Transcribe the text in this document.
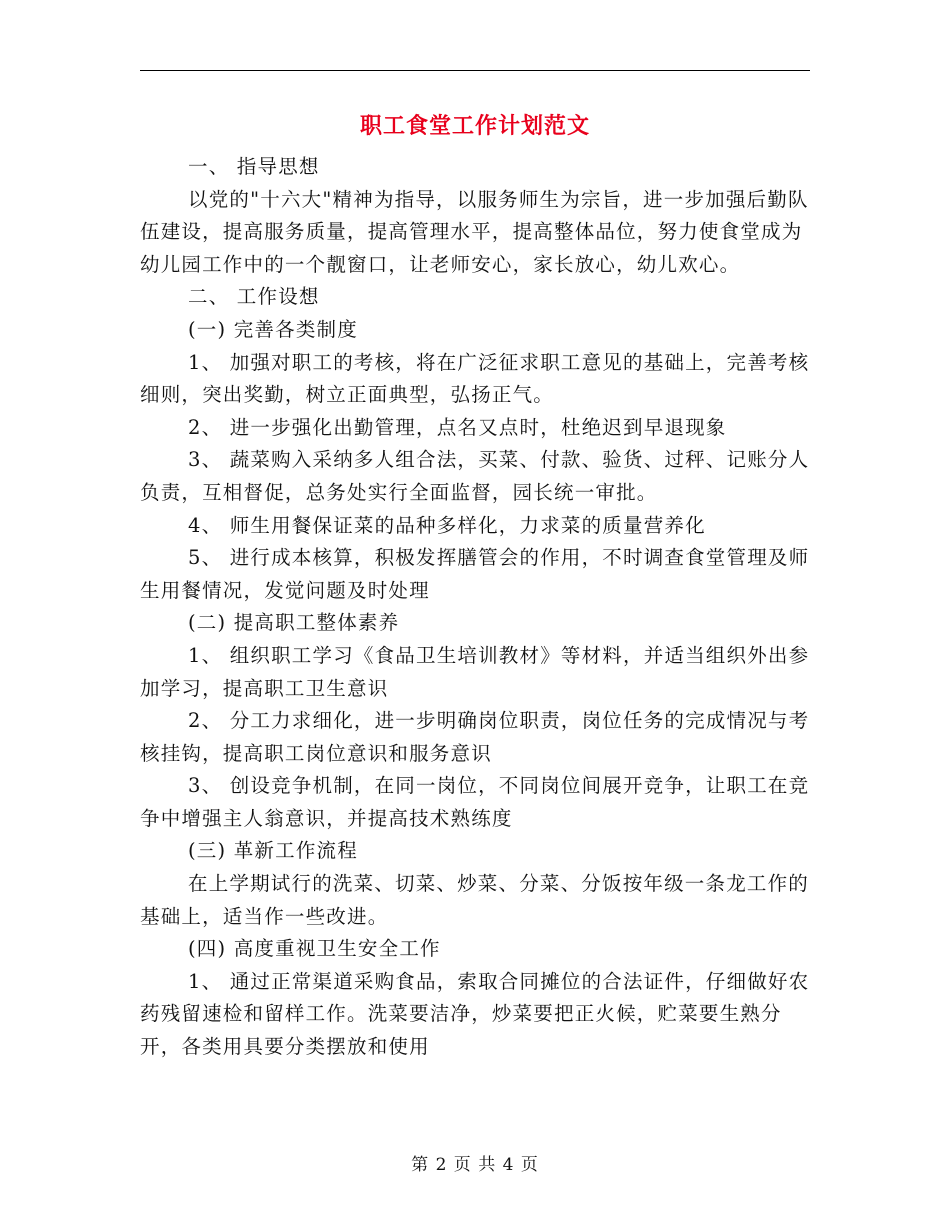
职工食堂工作计划范文

一、 指导思想

以党的"十六大"精神为指导，以服务师生为宗旨，进一步加强后勤队伍建设，提高服务质量，提高管理水平，提高整体品位，努力使食堂成为幼儿园工作中的一个靓窗口，让老师安心，家长放心，幼儿欢心。

二、 工作设想

(一) 完善各类制度

1、 加强对职工的考核，将在广泛征求职工意见的基础上，完善考核细则，突出奖勤，树立正面典型，弘扬正气。

2、 进一步强化出勤管理，点名又点时，杜绝迟到早退现象

3、 蔬菜购入采纳多人组合法，买菜、付款、验货、过秤、记账分人负责，互相督促，总务处实行全面监督，园长统一审批。

4、 师生用餐保证菜的品种多样化，力求菜的质量营养化

5、 进行成本核算，积极发挥膳管会的作用，不时调查食堂管理及师生用餐情况，发觉问题及时处理

(二) 提高职工整体素养

1、 组织职工学习《食品卫生培训教材》等材料，并适当组织外出参加学习，提高职工卫生意识

2、 分工力求细化，进一步明确岗位职责，岗位任务的完成情况与考核挂钩，提高职工岗位意识和服务意识

3、 创设竞争机制，在同一岗位，不同岗位间展开竞争，让职工在竞争中增强主人翁意识，并提高技术熟练度

(三) 革新工作流程

在上学期试行的洗菜、切菜、炒菜、分菜、分饭按年级一条龙工作的基础上，适当作一些改进。

(四) 高度重视卫生安全工作

1、 通过正常渠道采购食品，索取合同摊位的合法证件，仔细做好农药残留速检和留样工作。洗菜要洁净，炒菜要把正火候，贮菜要生熟分开，各类用具要分类摆放和使用

第 2 页 共 4 页
